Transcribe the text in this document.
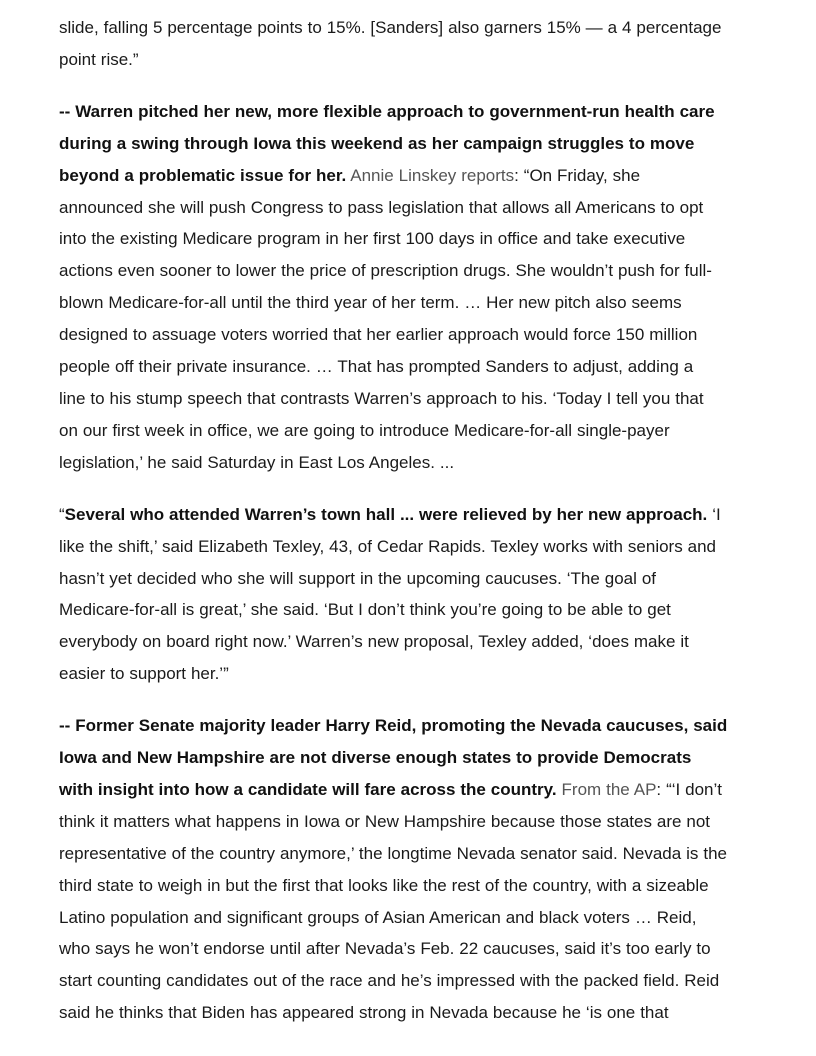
slide, falling 5 percentage points to 15%. [Sanders] also garners 15% — a 4 percentage
point rise.”

-- Warren pitched her new, more flexible approach to government-run health care
during a swing through Iowa this weekend as her campaign struggles to move
beyond a problematic issue for her. Annie Linskey reports: “On Friday, she
announced she will push Congress to pass legislation that allows all Americans to opt
into the existing Medicare program in her first 100 days in office and take executive
actions even sooner to lower the price of prescription drugs. She wouldn’t push for full-
blown Medicare-for-all until the third year of her term. … Her new pitch also seems
designed to assuage voters worried that her earlier approach would force 150 million
people off their private insurance. … That has prompted Sanders to adjust, adding a
line to his stump speech that contrasts Warren’s approach to his. ‘Today I tell you that
on our first week in office, we are going to introduce Medicare-for-all single-payer
legislation,’ he said Saturday in East Los Angeles. ...

“Several who attended Warren’s town hall ... were relieved by her new approach. ‘I
like the shift,’ said Elizabeth Texley, 43, of Cedar Rapids. Texley works with seniors and
hasn’t yet decided who she will support in the upcoming caucuses. ‘The goal of
Medicare-for-all is great,’ she said. ‘But I don’t think you’re going to be able to get
everybody on board right now.’ Warren’s new proposal, Texley added, ‘does make it
easier to support her.’”

-- Former Senate majority leader Harry Reid, promoting the Nevada caucuses, said
Iowa and New Hampshire are not diverse enough states to provide Democrats
with insight into how a candidate will fare across the country. From the AP: “‘I don’t
think it matters what happens in Iowa or New Hampshire because those states are not
representative of the country anymore,’ the longtime Nevada senator said. Nevada is the
third state to weigh in but the first that looks like the rest of the country, with a sizeable
Latino population and significant groups of Asian American and black voters … Reid,
who says he won’t endorse until after Nevada’s Feb. 22 caucuses, said it’s too early to
start counting candidates out of the race and he’s impressed with the packed field. Reid
said he thinks that Biden has appeared strong in Nevada because he ‘is one that
